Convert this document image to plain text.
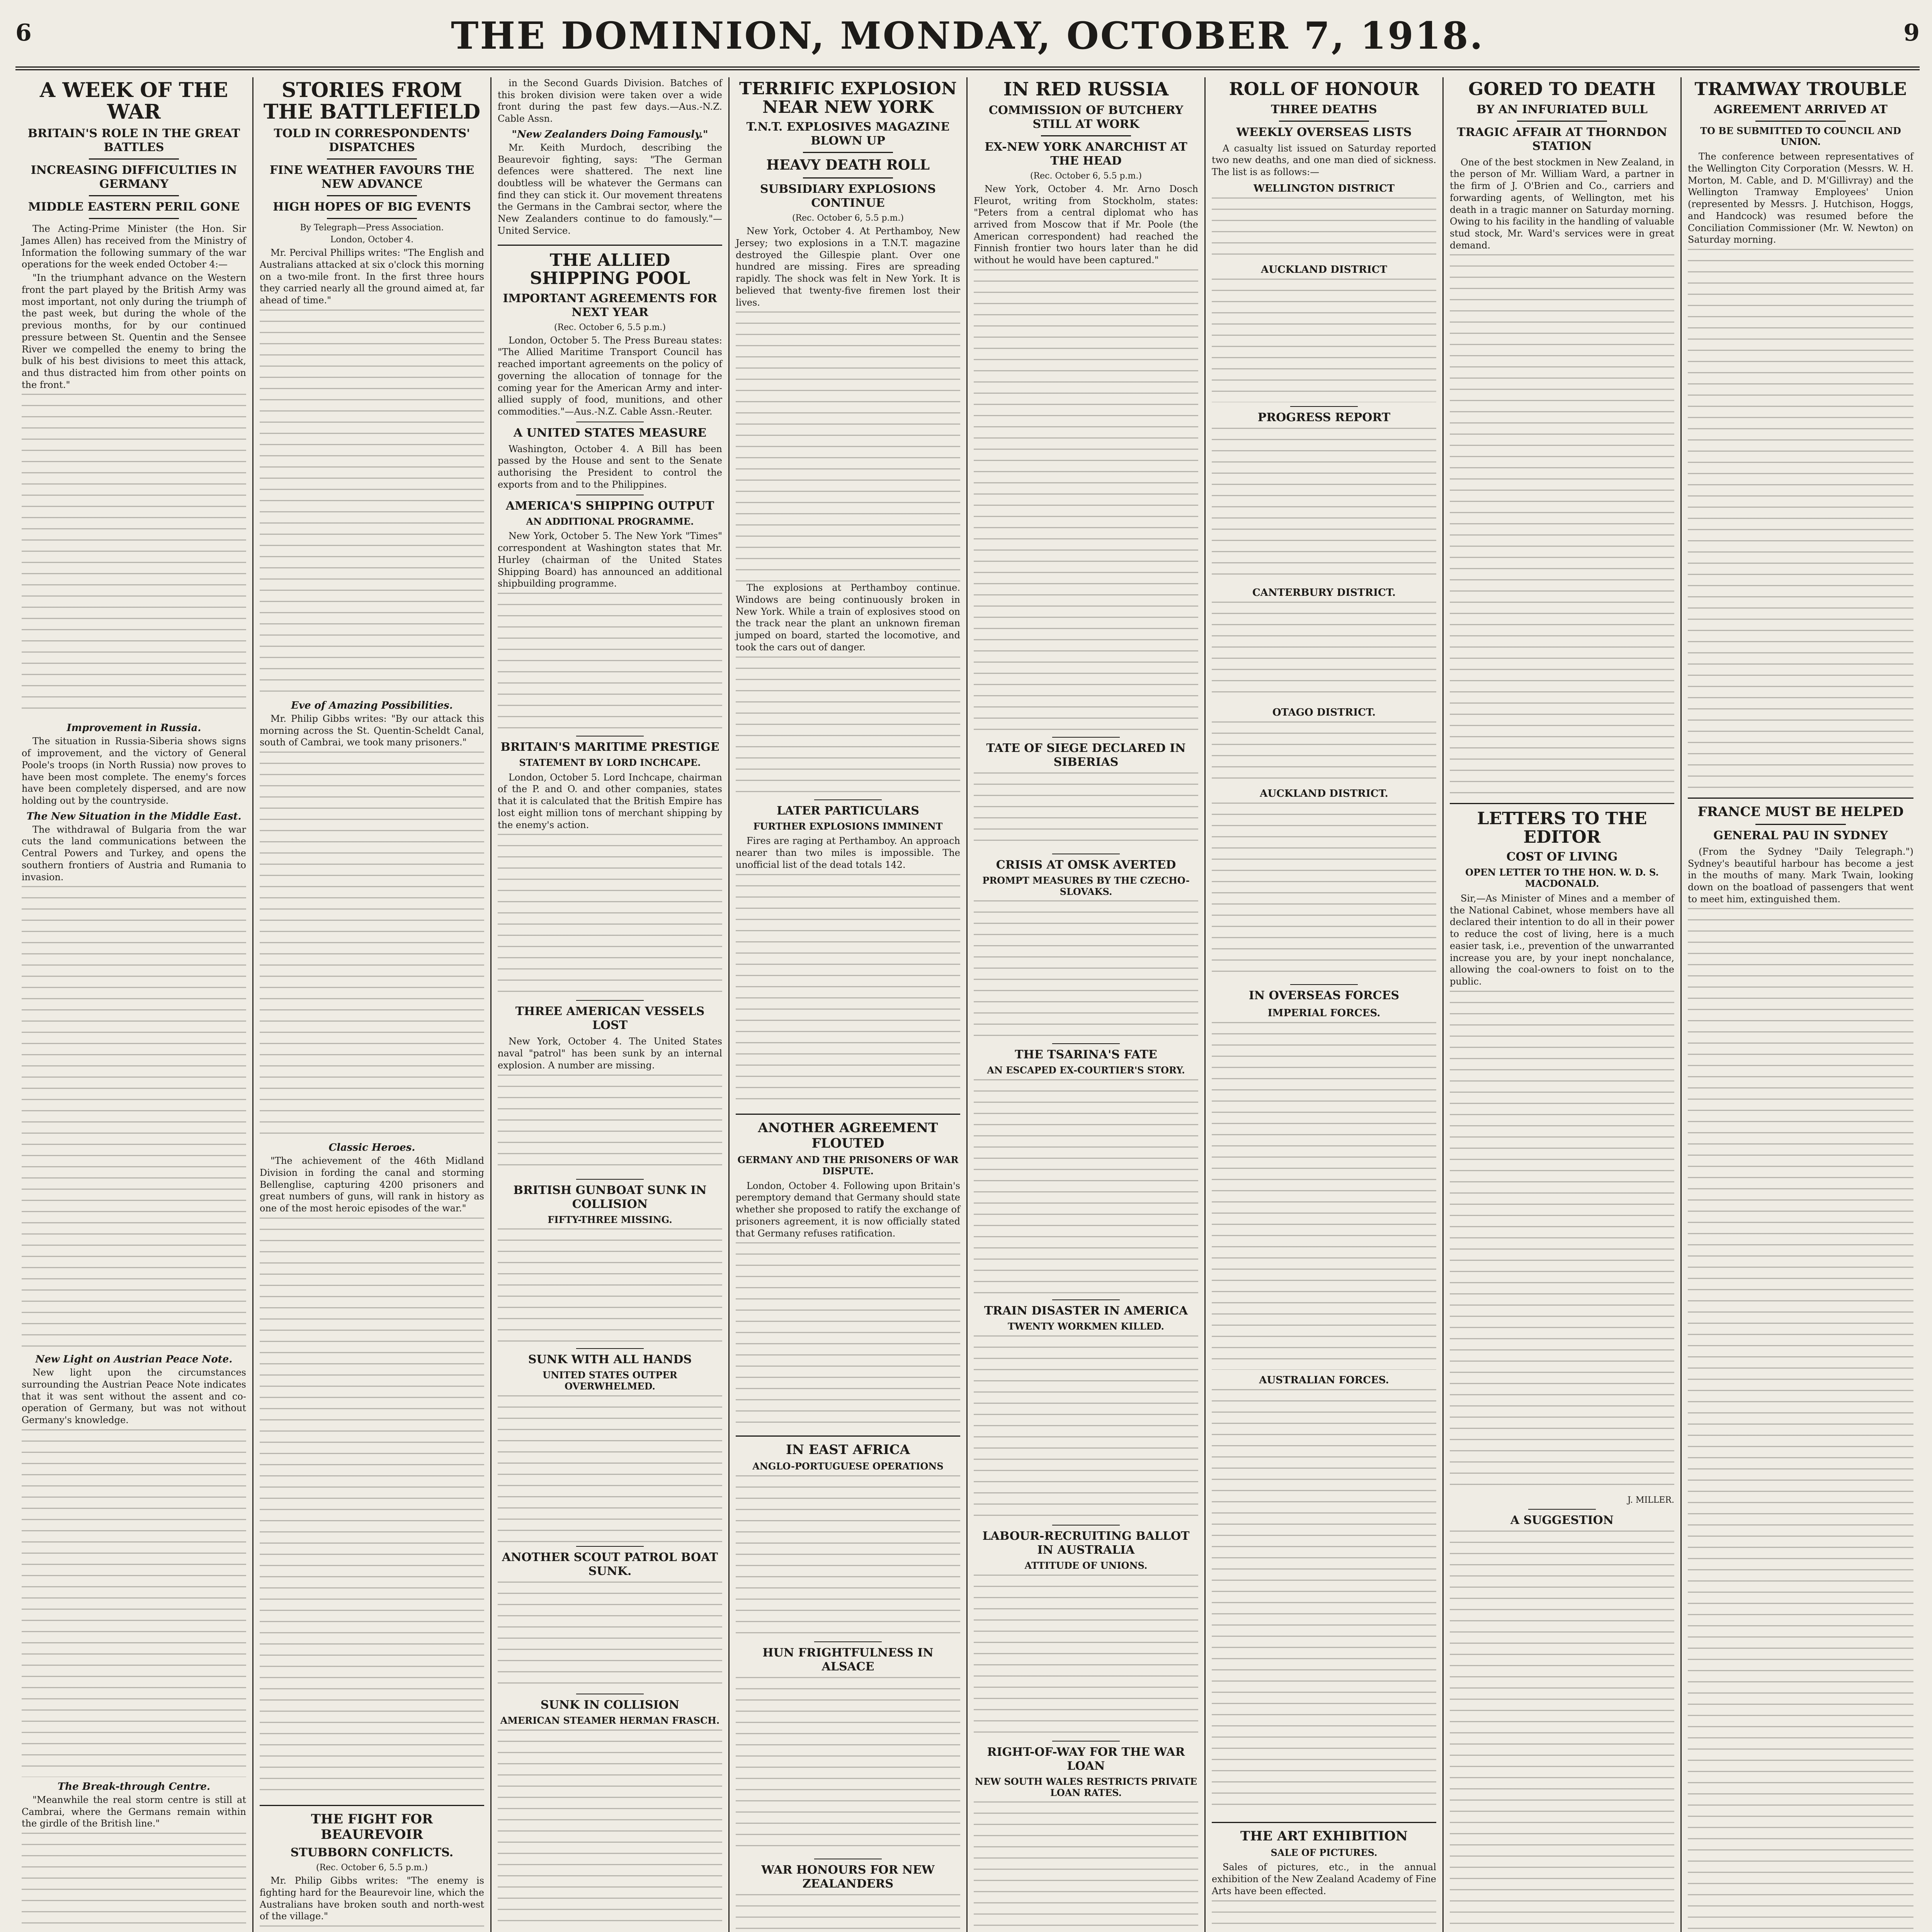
6	THE DOMINION, MONDAY, OCTOBER 7, 1918.	9
A WEEK OF THE WAR
BRITAIN'S ROLE IN THE GREAT BATTLES
INCREASING DIFFICULTIES IN GERMANY
MIDDLE EASTERN PERIL GONE

The Acting-Prime Minister (the Hon. Sir James Allen) has received from the Ministry of Information the following summary of the war operations for the week ended October 4:—

"In the triumphant advance on the Western front the part played by the British Army was most important, not only during the triumph of the past week, but during the whole of the previous months, for by our continued pressure between St. Quentin and the Sensee River we compelled the enemy to bring the bulk of his best divisions to meet this attack, and thus distracted him from other points on the front."

Improvement in Russia.

The situation in Russia-Siberia shows signs of improvement, and the victory of General Poole's troops (in North Russia) now proves to have been most complete. The enemy's forces have been completely dispersed, and are now holding out by the countryside.

The New Situation in the Middle East.

The withdrawal of Bulgaria from the war cuts the land communications between the Central Powers and Turkey, and opens the southern frontiers of Austria and Rumania to invasion.

New Light on Austrian Peace Note.

New light upon the circumstances surrounding the Austrian Peace Note indicates that it was sent without the assent and co-operation of Germany, but was not without Germany's knowledge.

The Break-through Centre.

"Meanwhile the real storm centre is still at Cambrai, where the Germans remain within the girdle of the British line."

STORIES FROM THE BATTLEFIELD
TOLD IN CORRESPONDENTS' DISPATCHES
FINE WEATHER FAVOURS THE NEW ADVANCE
HIGH HOPES OF BIG EVENTS
By Telegraph—Press Association.
London, October 4.

Mr. Percival Phillips writes: "The English and Australians attacked at six o'clock this morning on a two-mile front. In the first three hours they carried nearly all the ground aimed at, far ahead of time."

Eve of Amazing Possibilities.

Mr. Philip Gibbs writes: "By our attack this morning across the St. Quentin-Scheldt Canal, south of Cambrai, we took many prisoners."

Classic Heroes.

"The achievement of the 46th Midland Division in fording the canal and storming Bellenglise, capturing 4200 prisoners and great numbers of guns, will rank in history as one of the most heroic episodes of the war."

THE FIGHT FOR BEAUREVOIR
STUBBORN CONFLICTS.
(Rec. October 6, 5.5 p.m.)

Mr. Philip Gibbs writes: "The enemy is fighting hard for the Beaurevoir line, which the Australians have broken south and north-west of the village."

in the Second Guards Division. Batches of this broken division were taken over a wide front during the past few days.—Aus.-N.Z. Cable Assn.

"New Zealanders Doing Famously."

Mr. Keith Murdoch, describing the Beaurevoir fighting, says: "The German defences were shattered. The next line doubtless will be whatever the Germans can find they can stick it. Our movement threatens the Germans in the Cambrai sector, where the New Zealanders continue to do famously."—United Service.

THE ALLIED SHIPPING POOL
IMPORTANT AGREEMENTS FOR NEXT YEAR
(Rec. October 6, 5.5 p.m.)

London, October 5. The Press Bureau states: "The Allied Maritime Transport Council has reached important agreements on the policy of governing the allocation of tonnage for the coming year for the American Army and inter-allied supply of food, munitions, and other commodities."—Aus.-N.Z. Cable Assn.-Reuter.

A UNITED STATES MEASURE

Washington, October 4. A Bill has been passed by the House and sent to the Senate authorising the President to control the exports from and to the Philippines.

AMERICA'S SHIPPING OUTPUT
AN ADDITIONAL PROGRAMME.

New York, October 5. The New York "Times" correspondent at Washington states that Mr. Hurley (chairman of the United States Shipping Board) has announced an additional shipbuilding programme.

BRITAIN'S MARITIME PRESTIGE
STATEMENT BY LORD INCHCAPE.

London, October 5. Lord Inchcape, chairman of the P. and O. and other companies, states that it is calculated that the British Empire has lost eight million tons of merchant shipping by the enemy's action.

THREE AMERICAN VESSELS LOST

New York, October 4. The United States naval "patrol" has been sunk by an internal explosion. A number are missing.

BRITISH GUNBOAT SUNK IN COLLISION
FIFTY-THREE MISSING.
SUNK WITH ALL HANDS
UNITED STATES OUTPER OVERWHELMED.
ANOTHER SCOUT PATROL BOAT SUNK.
SUNK IN COLLISION
AMERICAN STEAMER HERMAN FRASCH.
TERRIFIC EXPLOSION NEAR NEW YORK
T.N.T. EXPLOSIVES MAGAZINE BLOWN UP
HEAVY DEATH ROLL
SUBSIDIARY EXPLOSIONS CONTINUE
(Rec. October 6, 5.5 p.m.)

New York, October 4. At Perthamboy, New Jersey; two explosions in a T.N.T. magazine destroyed the Gillespie plant. Over one hundred are missing. Fires are spreading rapidly. The shock was felt in New York. It is believed that twenty-five firemen lost their lives.

The explosions at Perthamboy continue. Windows are being continuously broken in New York. While a train of explosives stood on the track near the plant an unknown fireman jumped on board, started the locomotive, and took the cars out of danger.

LATER PARTICULARS
FURTHER EXPLOSIONS IMMINENT

Fires are raging at Perthamboy. An approach nearer than two miles is impossible. The unofficial list of the dead totals 142.

ANOTHER AGREEMENT FLOUTED
GERMANY AND THE PRISONERS OF WAR DISPUTE.

London, October 4. Following upon Britain's peremptory demand that Germany should state whether she proposed to ratify the exchange of prisoners agreement, it is now officially stated that Germany refuses ratification.

IN EAST AFRICA
ANGLO-PORTUGUESE OPERATIONS
HUN FRIGHTFULNESS IN ALSACE
WAR HONOURS FOR NEW ZEALANDERS
IN RED RUSSIA
COMMISSION OF BUTCHERY STILL AT WORK
EX-NEW YORK ANARCHIST AT THE HEAD
(Rec. October 6, 5.5 p.m.)

New York, October 4. Mr. Arno Dosch Fleurot, writing from Stockholm, states: "Peters from a central diplomat who has arrived from Moscow that if Mr. Poole (the American correspondent) had reached the Finnish frontier two hours later than he did without he would have been captured."

TATE OF SIEGE DECLARED IN SIBERIAS
CRISIS AT OMSK AVERTED
PROMPT MEASURES BY THE CZECHO-SLOVAKS.
THE TSARINA'S FATE
AN ESCAPED EX-COURTIER'S STORY.
TRAIN DISASTER IN AMERICA
TWENTY WORKMEN KILLED.
LABOUR-RECRUITING BALLOT IN AUSTRALIA
ATTITUDE OF UNIONS.
RIGHT-OF-WAY FOR THE WAR LOAN
NEW SOUTH WALES RESTRICTS PRIVATE LOAN RATES.
ROLL OF HONOUR
THREE DEATHS
WEEKLY OVERSEAS LISTS

A casualty list issued on Saturday reported two new deaths, and one man died of sickness. The list is as follows:—

WELLINGTON DISTRICT
AUCKLAND DISTRICT
PROGRESS REPORT
CANTERBURY DISTRICT.
OTAGO DISTRICT.
AUCKLAND DISTRICT.
IN OVERSEAS FORCES
IMPERIAL FORCES.
AUSTRALIAN FORCES.
THE ART EXHIBITION
SALE OF PICTURES.

Sales of pictures, etc., in the annual exhibition of the New Zealand Academy of Fine Arts have been effected.

GORED TO DEATH
BY AN INFURIATED BULL
TRAGIC AFFAIR AT THORNDON STATION

One of the best stockmen in New Zealand, in the person of Mr. William Ward, a partner in the firm of J. O'Brien and Co., carriers and forwarding agents, of Wellington, met his death in a tragic manner on Saturday morning. Owing to his facility in the handling of valuable stud stock, Mr. Ward's services were in great demand.

LETTERS TO THE EDITOR
COST OF LIVING
OPEN LETTER TO THE HON. W. D. S. MACDONALD.

Sir,—As Minister of Mines and a member of the National Cabinet, whose members have all declared their intention to do all in their power to reduce the cost of living, here is a much easier task, i.e., prevention of the unwarranted increase you are, by your inept nonchalance, allowing the coal-owners to foist on to the public.

J. MILLER.
A SUGGESTION
TRAMWAY TROUBLE
AGREEMENT ARRIVED AT
TO BE SUBMITTED TO COUNCIL AND UNION.

The conference between representatives of the Wellington City Corporation (Messrs. W. H. Morton, M. Cable, and D. M'Gillivray) and the Wellington Tramway Employees' Union (represented by Messrs. J. Hutchison, Hoggs, and Handcock) was resumed before the Conciliation Commissioner (Mr. W. Newton) on Saturday morning.

FRANCE MUST BE HELPED
GENERAL PAU IN SYDNEY

(From the Sydney "Daily Telegraph.") Sydney's beautiful harbour has become a jest in the mouths of many. Mark Twain, looking down on the boatload of passengers that went to meet him, extinguished them.
